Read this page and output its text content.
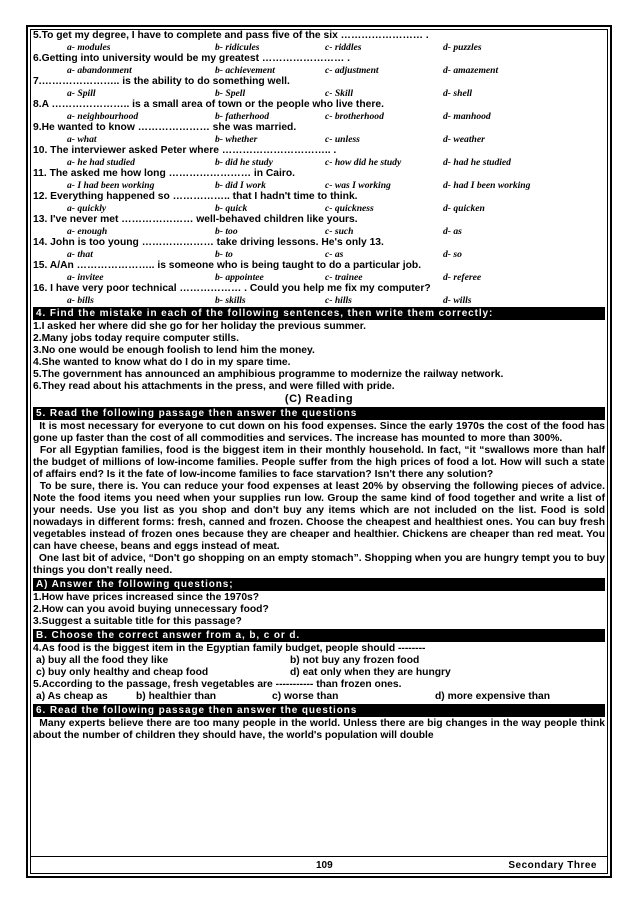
5.To get my degree, I have to complete and pass five of the six …………………… .
a- modules	b- ridicules	c- riddles	d- puzzles
6.Getting into university would be my greatest …………………… .
a- abandonment	b- achievement	c- adjustment	d- amazement
7.………………….. is the ability to do something well.
a- Spill	b- Spell	c- Skill	d- shell
8.A ………………….. is a small area of town or the people who live there.
a- neighbourhood	b- fatherhood	c- brotherhood	d- manhood
9.He wanted to know ………………… she was married.
a- what	b- whether	c- unless	d- weather
10. The interviewer asked Peter where ………………………….. .
a- he had studied	b- did he study	c- how did he study	d- had he studied
11. The asked me how long …………………… in Cairo.
a- I had been working	b- did I work	c- was I working	d- had I been working
12. Everything happened so …………….. that I hadn't time to think.
a- quickly	b- quick	c- quickness	d- quicken
13. I've never met ………………… well-behaved children like yours.
a- enough	b- too	c- such	d- as
14. John is too young ………………… take driving lessons. He's only 13.
a- that	b- to	c- as	d- so
15. A/An ………………….. is someone who is being taught to do a particular job.
a- invitee	b- appointee	c- trainee	d- referee
16. I have very poor technical ……………… . Could you help me fix my computer?
a- bills	b- skills	c- hills	d- wills
4. Find the mistake in each of the following sentences, then write them correctly:
1.I asked her where did she go for her holiday the previous summer.
2.Many jobs today require computer stills.
3.No one would be enough foolish to lend him the money.
4.She wanted to know what do I do in my spare time.
5.The government has announced an amphibious programme to modernize the railway network.
6.They read about his attachments in the press, and were filled with pride.
(C) Reading
5. Read the following passage then answer the questions
It is most necessary for everyone to cut down on his food expenses. Since the early 1970s the cost of the food has gone up faster than the cost of all commodities and services. The increase has mounted to more than 300%.
For all Egyptian families, food is the biggest item in their monthly household. In fact, “it “swallows more than half the budget of millions of low-income families. People suffer from the high prices of food a lot. How will such a state of affairs end? Is it the fate of low-income families to face starvation? Isn't there any solution?
To be sure, there is. You can reduce your food expenses at least 20% by observing the following pieces of advice. Note the food items you need when your supplies run low. Group the same kind of food together and write a list of your needs. Use you list as you shop and don't buy any items which are not included on the list. Food is sold nowadays in different forms: fresh, canned and frozen. Choose the cheapest and healthiest ones. You can buy fresh vegetables instead of frozen ones because they are cheaper and healthier. Chickens are cheaper than red meat. You can have cheese, beans and eggs instead of meat.
One last bit of advice, “Don't go shopping on an empty stomach”. Shopping when you are hungry tempt you to buy things you don't really need.
A) Answer the following questions;
1.How have prices increased since the 1970s?
2.How can you avoid buying unnecessary food?
3.Suggest a suitable title for this passage?
B. Choose the correct answer from a, b, c or d.
4.As food is the biggest item in the Egyptian family budget, people should --------
a) buy all the food they like	b) not buy any frozen food
c) buy only healthy and cheap food	d) eat only when they are hungry
5.According to the passage, fresh vegetables are ----------- than frozen ones.
a) As cheap as	b) healthier than	c) worse than	d) more expensive than
6. Read the following passage then answer the questions
Many experts believe there are too many people in the world. Unless there are big changes in the way people think about the number of children they should have, the world's population will double
109	Secondary Three
